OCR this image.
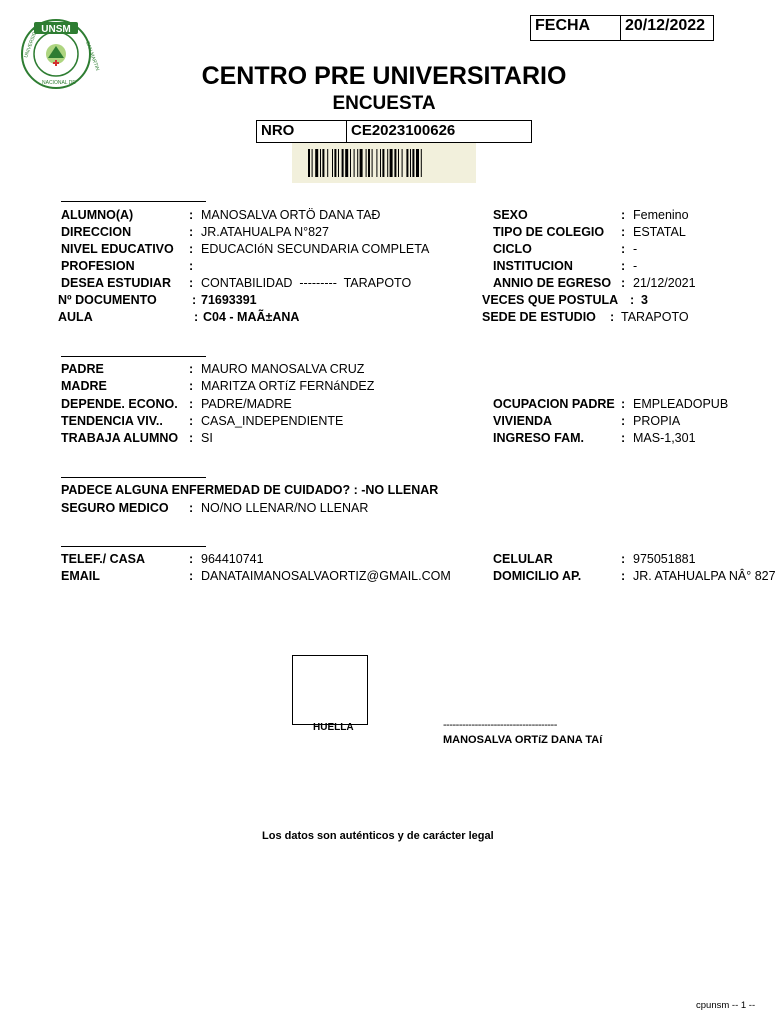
UNSM
UNIVERSIDAD
NACIONAL DE
SAN MARTIN
FECHA	20/12/2022
CENTRO PRE UNIVERSITARIO
ENCUESTA
NRO	CE2023100626
ALUMNO(A)	: MANOSALVA ORTÖ DANA TAÐ
DIRECCION	: JR.ATAHUALPA N°827
NIVEL EDUCATIVO : EDUCACIóN SECUNDARIA COMPLETA
PROFESION	:
DESEA ESTUDIAR : CONTABILIDAD  ---------  TARAPOTO
Nº DOCUMENTO	: 71693391
AULA	: C04 - MAÃ±ANA
SEXO	: Femenino
TIPO DE COLEGIO : ESTATAL
CICLO	: -
INSTITUCION	: -
ANNIO DE EGRESO : 21/12/2021
VECES QUE POSTULA : 3
SEDE DE ESTUDIO : TARAPOTO
PADRE	: MAURO MANOSALVA CRUZ
MADRE	: MARITZA ORTíZ FERNáNDEZ
DEPENDE. ECONO. : PADRE/MADRE
TENDENCIA VIV.. : CASA_INDEPENDIENTE
TRABAJA ALUMNO : SI
OCUPACION PADRE : EMPLEADOPUB
VIVIENDA	: PROPIA
INGRESO FAM.	: MAS-1,301
PADECE ALGUNA ENFERMEDAD DE CUIDADO? : -NO LLENAR
SEGURO MEDICO : NO/NO LLENAR/NO LLENAR
TELEF./ CASA	: 964410741
EMAIL	: DANATAIMANOSALVAORTIZ@GMAIL.COM
CELULAR	: 975051881
DOMICILIO AP.	: JR. ATAHUALPA NÂ° 827
HUELLA	------------------------------------
MANOSALVA ORTíZ DANA TAí
Los datos son auténticos y de carácter legal
cpunsm -- 1 --
